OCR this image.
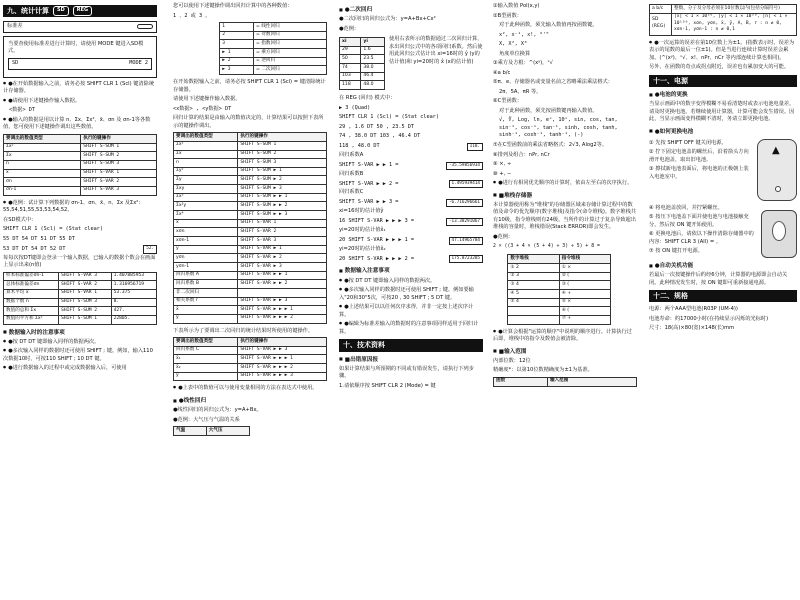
九、统计计算	SD	REG
标准差

当要查使用标准差进行计算时，请使用 MODE 键进入SD模式。

SD	MODE 2

● ●在开始数据输入之前，请务必按 SHIFT CLR 1 (Scl) 键清除统计存储器。

● ●请使用下述键操作输入数据。

<数据> DT

● ●输入的数据是用以计算 n、Σx、Σx²、x̄、σn 及 σn-1等各数值，您可使用下述键操作调出这些数值。

要调出的数值类型	执行的键操作
Σx²	SHIFT S-SUM 1
Σx	SHIFT S-SUM 2
n	SHIFT S-SUM 3
x̄	SHIFT S-VAR 1
σn	SHIFT S-VAR 2
σn-1	SHIFT S-VAR 3

● ●范例：试计算下列数据的 σn-1、σn、x̄、n、Σx 及Σx²：55,54,51,55,53,53,54,52。

在SD模式中：

SHIFT CLR 1 (Scl) = (Stat clear)

55 DT 54 DT 51 DT 55 DT

53 DT DT 54 DT 52 DT	52.

每每次按DT键即会登录一个输入数据，已输入的数据个数会在画面上显示出来(n值)

样本标准偏差σn-1	SHIFT S-VAR 3	1.407885953
总体标准偏差σn	SHIFT S-VAR 2	1.316956719
算术平均 x̄	SHIFT S-VAR 1	53.375
数据个数 n	SHIFT S-SUM 3	8.
数值的总和 Σx	SHIFT S-SUM 2	427.
数值的平方和 Σx²	SHIFT S-SUM 1	22805.
■ 数据输入时的注意事项

● ●按 DT DT 键即输入同样的数据两次。

● ●多次输入同样的数据时还可使用 SHIFT ; 键。例如，输入110次数据10时，可按110 SHIFT ; 10 DT 键。

● ●进行数据输入的过程中或完成数据输入后，可使用

您可以使用下述键操作调出回归计算中的各种数值：

1 、2 或 3 。

1	= 线性回归
2	= 对数回归
3	= 指数回归
▶ 1	= 乘方回归
▶ 2	= 逆回归
▶ 3	= 二次回归

在开始数据输入之前，请务必按 SHIFT CLR 1 (Scl) = 键清除统计存储器。

请使用下述键操作输入数据。

<x数据> , <y数据> DT

回归计算的结果是由输入的数值决定的，计算结果可以按照下表所示的键操作调出。

要调出的数值类型	执行的键操作
Σx²	SHIFT S-SUM 1
Σx	SHIFT S-SUM 2
n	SHIFT S-SUM 3
Σy²	SHIFT S-SUM ▶ 1
Σy	SHIFT S-SUM ▶ 2
Σxy	SHIFT S-SUM ▶ 3
Σx³	SHIFT S-SUM ▶ ▶ 1
Σx²y	SHIFT S-SUM ▶ ▶ 2
Σx⁴	SHIFT S-SUM ▶ ▶ 3
x̄	SHIFT S-VAR 1
xσn	SHIFT S-VAR 2
xσn-1	SHIFT S-VAR 3
ȳ	SHIFT S-VAR ▶ 1
yσn	SHIFT S-VAR ▶ 2
yσn-1	SHIFT S-VAR ▶ 3
回归系数 A	SHIFT S-VAR ▶ ▶ 1
回归系数 B	SHIFT S-VAR ▶ ▶ 2
非二次回归	
相关系数 r	SHIFT S-VAR ▶ ▶ 3
x̂	SHIFT S-VAR ▶ ▶ ▶ 1
ŷ	SHIFT S-VAR ▶ ▶ ▶ 2

下表所示为了要调出二次回归的统计结果时所使用的键操作。

要调出的数值类型	执行的键操作
回归系数 C	SHIFT S-VAR ▶ ▶ 3
x̂₁	SHIFT S-VAR ▶ ▶ ▶ 1
x̂₂	SHIFT S-VAR ▶ ▶ ▶ 2
ŷ	SHIFT S-VAR ▶ ▶ ▶ 3

● ●上表中的数值可以与使用变量相同的方法在表达式中使用。

■ ●线性回归

●线性回归的回归公式为：y=A+Bx。

●范例：大气压与气温的关系

气温	大气压
■ ●二次回归

●二次回归的回归公式为：y=A+Bx+Cx²

●范例：

xi	yi
29	1.6
50	23.5
74	38.0
103	46.4
118	48.0

使用右表所示的数据通过二次回归计算，求出回归公式中的各项回归系数。然后使用此回归公式估计出 xi=16时的 ŷ (y的估计值)和 yi=20时的 x̂ (x的估计值)

在 REG (回归) 模式中：

▶ 3 (Quad)

SHIFT CLR 1 (Scl) = (Stat clear)

29 , 1.6 DT 50 , 23.5 DT

74 , 38.0 DT 103 , 46.4 DT

118 , 48.0 DT	118.

回归系数A

SHIFT S-VAR ▶ ▶ 1 =	-35.59856934

回归系数B

SHIFT S-VAR ▶ ▶ 2 =	1.495939414

回归系数C

SHIFT S-VAR ▶ ▶ 3 =	-6.716296661

xi=16时的估计值ŷ

16 SHIFT S-VAR ▶ ▶ ▶ 3 =	-13.38291067

yi=20时的估计值x̂₁

20 SHIFT S-VAR ▶ ▶ ▶ 1 =	47.14965784

yi=20时的估计值x̂₂

20 SHIFT S-VAR ▶ ▶ ▶ 2 =	175.8723285
■ 数据输入注意事项

● ●按 DT DT 键即输入同样的数据两次。

● ●多次输入同样的数据时还可使用 SHIFT ; 键。例如要输入"20和30"5次，可按20 , 30 SHIFT ; 5 DT 键。

● ●上述结果可以以任何次序求得，并非一定按上述次序计算。

● ●编辑为标准差输入的数据时的注意事项同样适用于回归计算。

十、技术资料
■ ■出错原因报

如果计算结果与所预期的不同或有错误发生，请执行下列步骤。

1.请依顺序按 SHIFT CLR 2 (Mode) = 键

①输入数值 Pol(x,y)

②B型函数：

对于此种函数，须先输入数值再按函数键。

x², x⁻¹, x!, °'"

X, X², X³

角度单位换算

③乘方及方根：^(xʸ)，ˣ√

④a b/c

⑤π、e、存储器名或变量名前之省略乘法乘法格式：

2π、5A、πR 等。

⑥C型函数：

对于此种函数，须先按函数键再输入数值。

√, ∛, Log, ln, eˣ, 10ˣ, sin, cos, tan, sin⁻¹, cos⁻¹, tan⁻¹, sinh, cosh, tanh, sinh⁻¹, cosh⁻¹, tanh⁻¹, (-)

⑦在C型函数前的乘法省略格式：2√3, Alog2等。

⑧排列及组合：nPr, nCr

⑨ ×, ÷

⑩ +, −

● ●进行有相同优先顺序的计算时，依由左至右的次序执行。

■ ■堆栈存储器

本计算器使用称为"堆栈"的存储器区域来存储计算过程中的数值及命令的优先顺序(数字堆栈)及指令(命令堆栈)。数字堆栈共有10级，指令堆栈则有24级。当所作的计算过于复杂导致超出堆栈的容量时，堆栈错误(Stack ERROR)即会发生。

●范例：

2 × ((3 + 4 × (5 + 4) ÷ 3) ÷ 5) + 8 =

数字堆栈	指令堆栈
① 2	① ×
② 3	② (
③ 4	③ (
④ 5	④ +
⑤ 4	⑤ ×
	⑥ (
	⑦ +

● ●计算会根据"运算的顺序"中说明的顺序进行。计算执行过后即，堆栈中的指令及数值会被清除。

■ ■输入范围

内部位数：12位

精确度*：以第10位数精确度为±1为基准。

函数	输入范围
a b/c	整数、分子及分母必须在10位数以内(包括分隔符号)
SD (REG)	|x| < 1 × 10⁵⁰, |y| < 1 × 10⁵⁰, |n| < 1 × 10¹⁰⁰, xσn, yσn, x̄, ȳ, A, B, r : n ≠ 0, xσn-1, yσn-1 : n ≠ 0,1

● ●一次运算的误差在第10位数上为±1。(指数表示时，误差为表示的尾数的最后一位±1)。但是当进行连续计算时误差会累加。(^(xʸ)、ˣ√、x!、nPr、nCr 等内部连续计算也相同)。

另外，在函数的奇点或拐点附近，误差也有累加变大的可能。

十一、电源
■ ●电池的更换

当显示画面中的数字变得模糊不易看清楚时或表示电池电量差。请及时更换电池。若继续使用计算器，计算可能会发生错误。因此，当显示画面变得模糊不清时，务请立即更换电池。

■ ●如何更换电池

① 先按 SHIFT OFF 键关闭电源。

② 拧下固定电池盖的螺丝后，沿着箭头方向滑开电池盖，取出旧电池。

③ 擦拭新电池表面后，将电池的正极朝上装入电池室中。

▲

④ 将电池盖放回，并拧紧螺丝。

⑤ 按压下电池盖下面并使电池与电池接触充分，然后按 ON 键开始使用。

⑥ 更换电池后，请依以下操作清除存储器中的内容：SHIFT CLR 3 (All) = 。

⑦ 按 ON 键打开电源。

■ ●自动关机功能

若最后一次按键操作后约经6分钟，计算器的电源即会自动关闭。此种情况发生时，按 ON 键即可重新接通电源。

十二、规格

电源：两个AAA型电池(R03P (UM-4))

电池寿命：约17000小时(在持续显示闪烁的光标时)

尺寸：18(高)×80(宽)×148(长)mm
